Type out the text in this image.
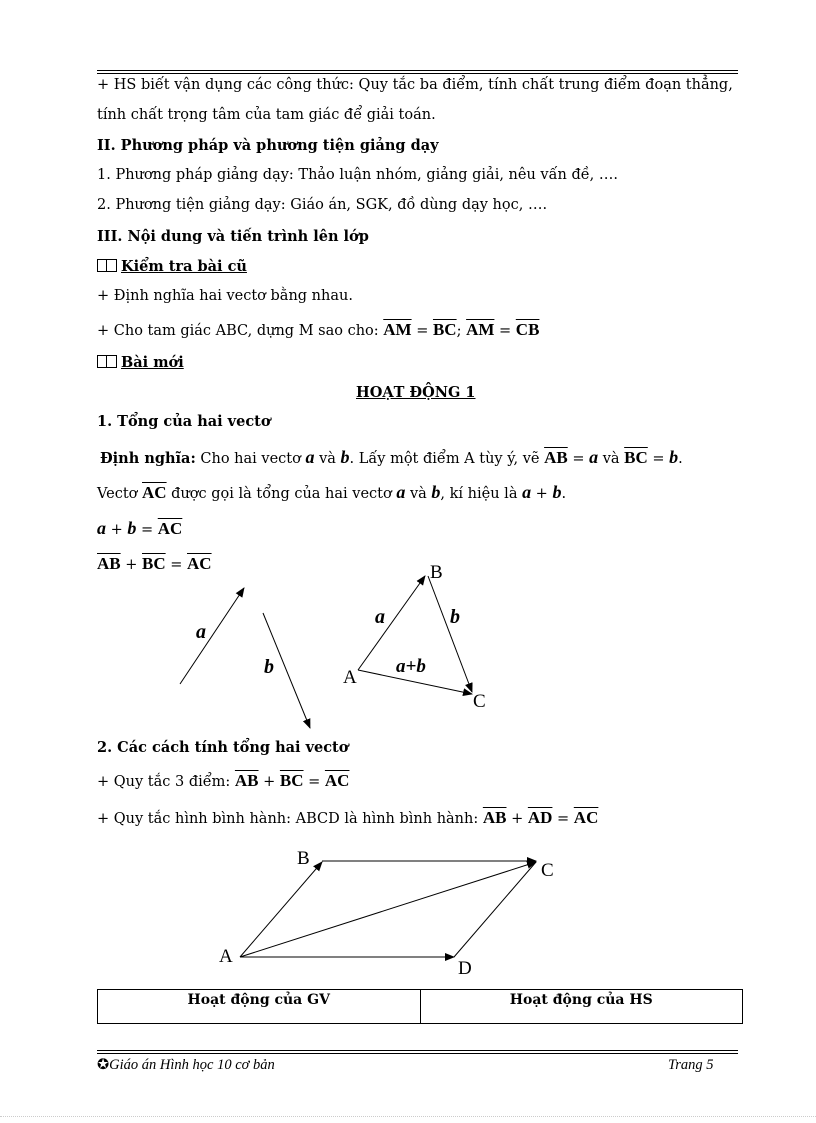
+ HS biết vận dụng các công thức: Quy tắc ba điểm, tính chất trung điểm đoạn thẳng,
tính chất trọng tâm của tam giác để giải toán.
II. Phương pháp và phương tiện giảng dạy
1. Phương pháp giảng dạy: Thảo luận nhóm, giảng giải, nêu vấn đề, ….
2. Phương tiện giảng dạy: Giáo án, SGK, đồ dùng dạy học, ….
III. Nội dung và tiến trình lên lớp
Kiểm tra bài cũ
+ Định nghĩa hai vectơ bằng nhau.
+ Cho tam giác ABC, dựng M sao cho: $\overline{AM} = \overline{BC}$; $\overline{AM} = \overline{CB}$
Bài mới
HOẠT ĐỘNG 1
1. Tổng của hai vectơ
Định nghĩa: Cho hai vectơ a và b. Lấy một điểm A tùy ý, vẽ $\overline{AB} = a$ và $\overline{BC} = b$.
Vectơ $\overline{AC}$ được gọi là tổng của hai vectơ a và b, kí hiệu là a + b.
$a + b = \overline{AC}$
$\overline{AB} + \overline{BC} = \overline{AC}$
a
b
B
A
C
a	b
a+b
2. Các cách tính tổng hai vectơ
+ Quy tắc 3 điểm: $\overline{AB} + \overline{BC} = \overline{AC}$
+ Quy tắc hình bình hành: ABCD là hình bình hành: $\overline{AB} + \overline{AD} = \overline{AC}$
B
C
A
D
Hoạt động của GV	Hoạt động của HS
✪Giáo án Hình học 10 cơ bản	Trang 5
